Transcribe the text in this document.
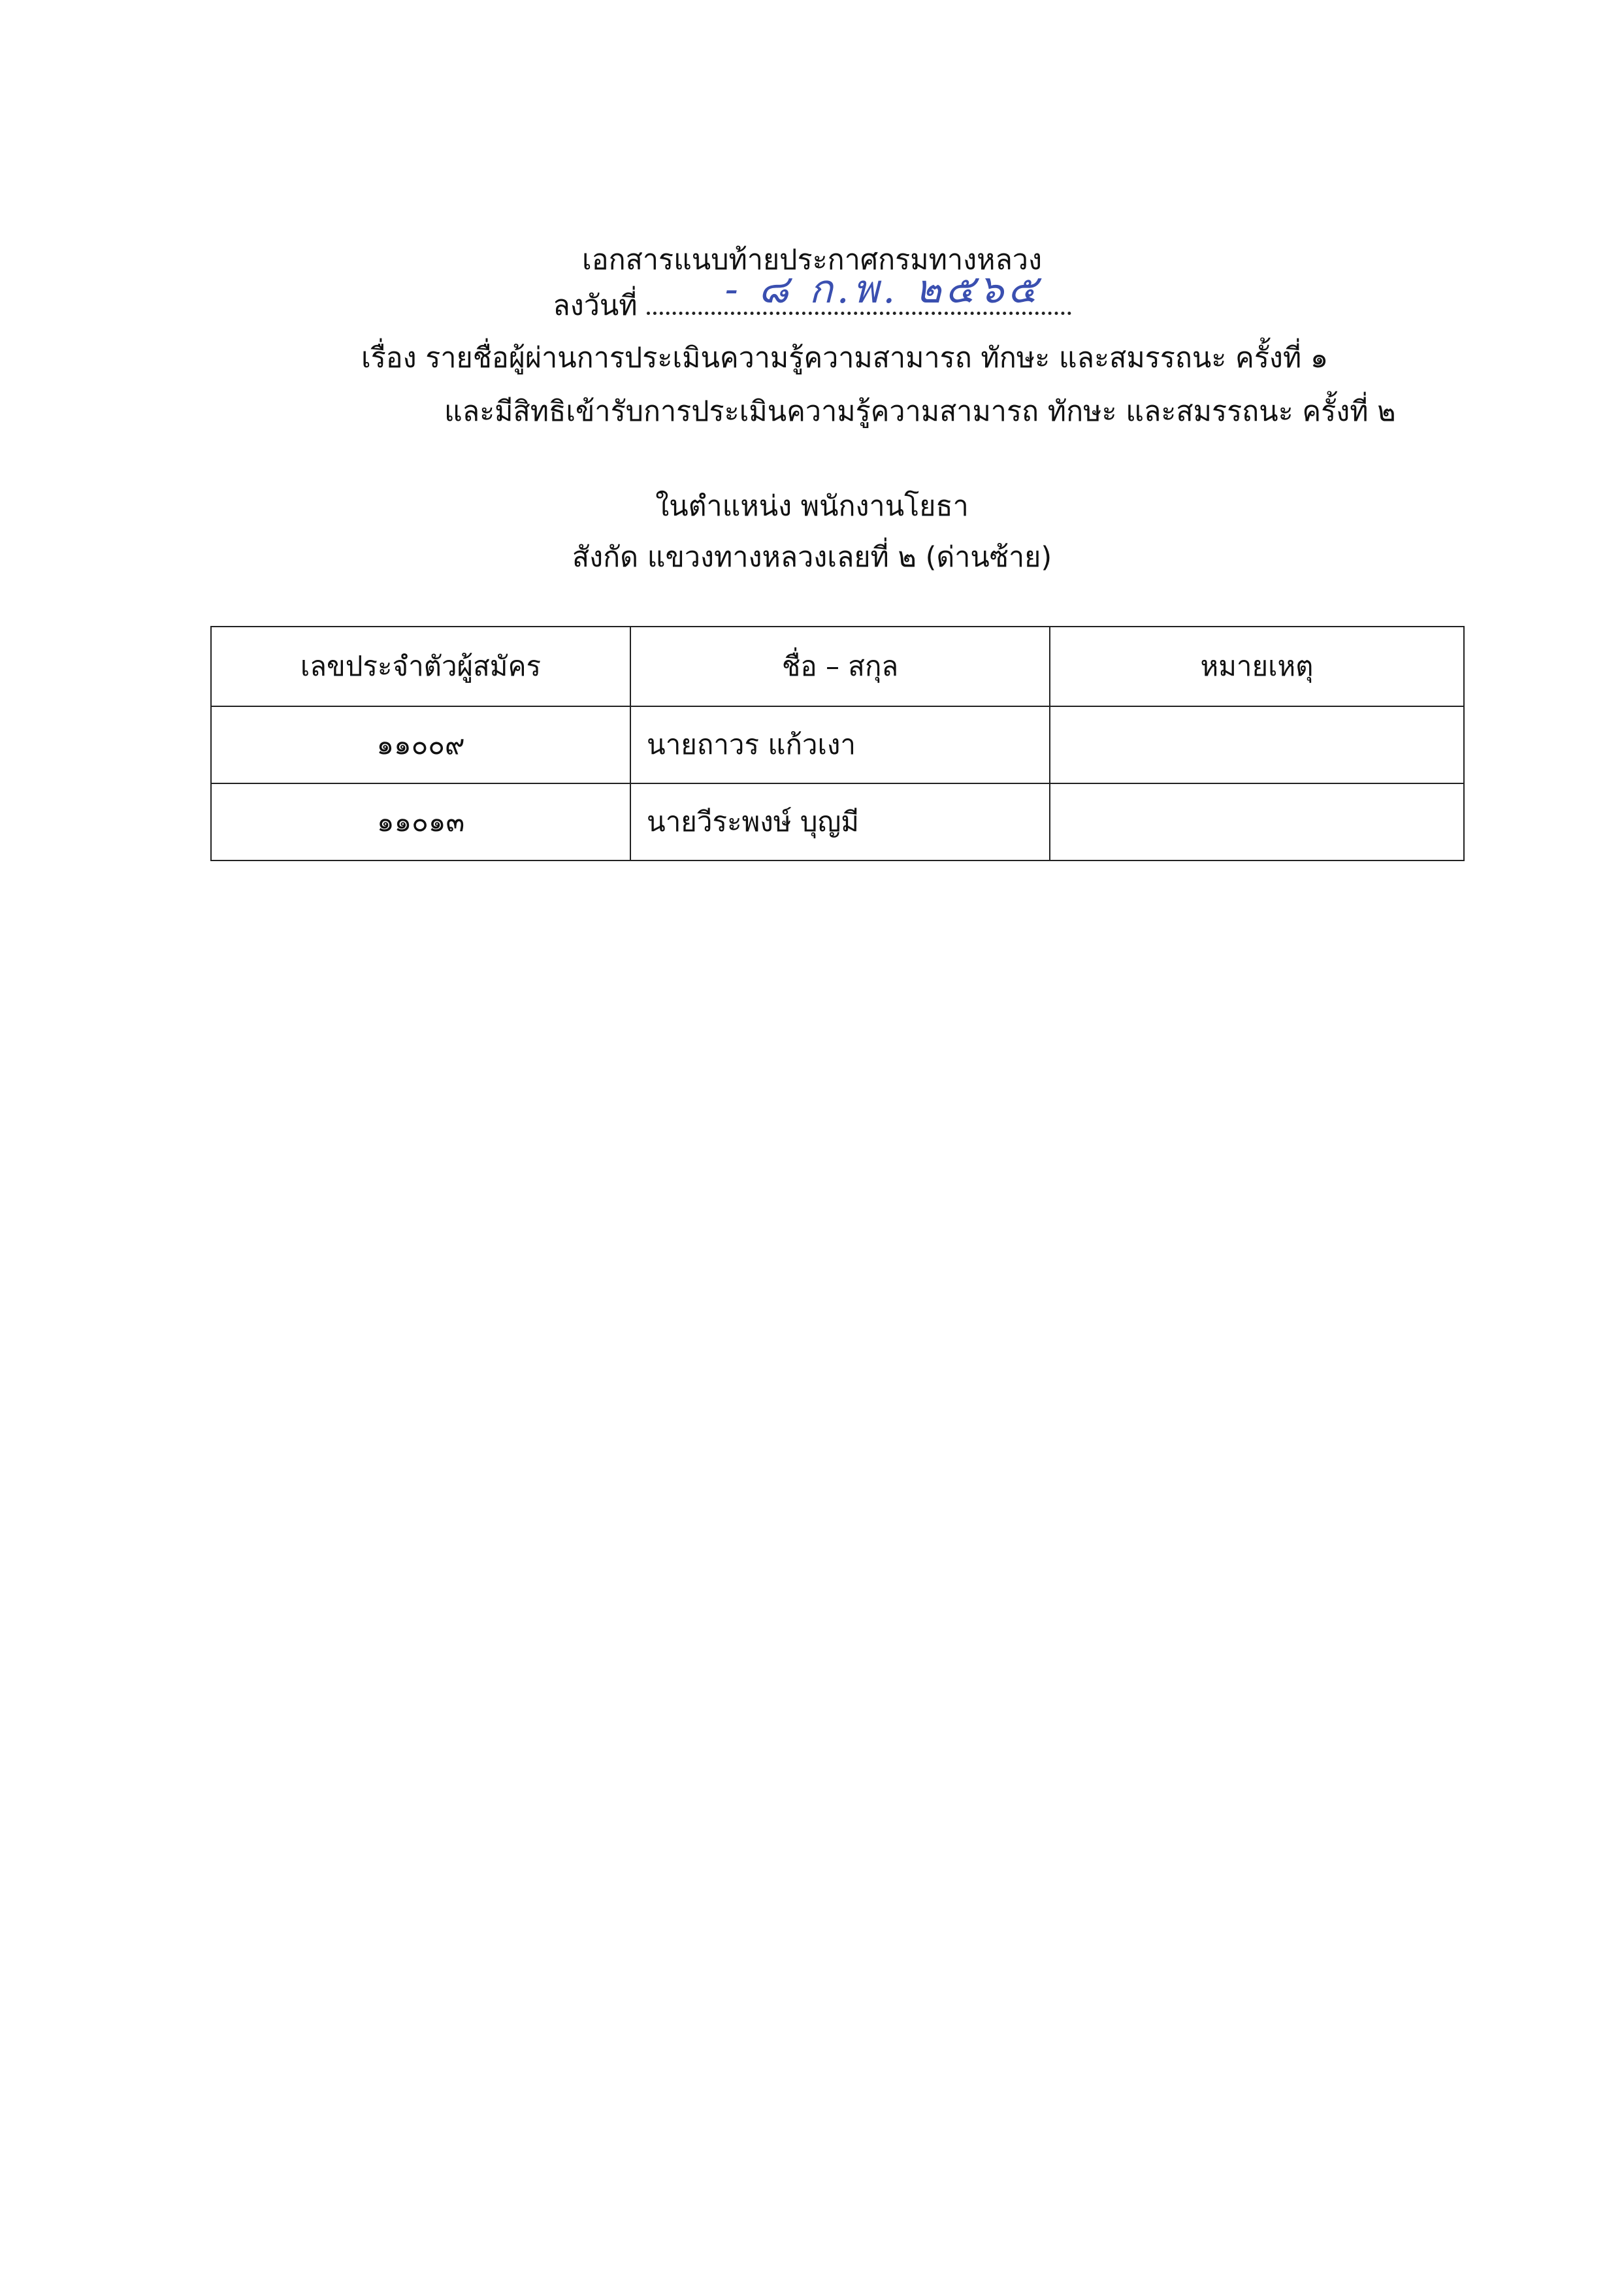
เอกสารแนบท้ายประกาศกรมทางหลวง
ลงวันที่ - ๘ ก.พ. ๒๕๖๕
เรื่อง รายชื่อผู้ผ่านการประเมินความรู้ความสามารถ ทักษะ และสมรรถนะ ครั้งที่ ๑
และมีสิทธิเข้ารับการประเมินความรู้ความสามารถ ทักษะ และสมรรถนะ ครั้งที่ ๒
ในตำแหน่ง พนักงานโยธา
สังกัด แขวงทางหลวงเลยที่ ๒ (ด่านซ้าย)
เลขประจำตัวผู้สมัคร	ชื่อ – สกุล	หมายเหตุ
๑๑๐๐๙	นายถาวร แก้วเงา	
๑๑๐๑๓	นายวีระพงษ์ บุญมี	
